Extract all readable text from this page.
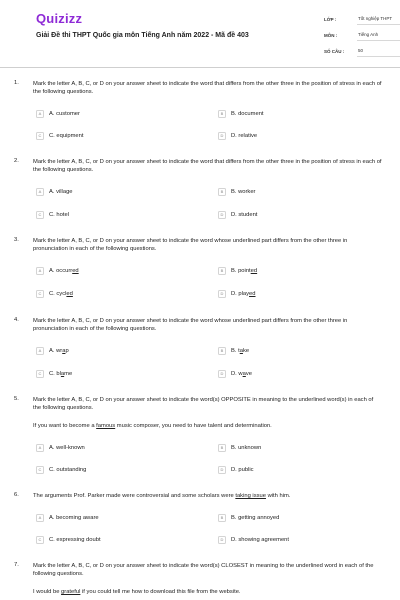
Quizizz
Giải Đề thi THPT Quốc gia môn Tiếng Anh năm 2022 - Mã đề 403
LỚP :	Tốt nghiệp THPT
MÔN :	Tiếng Anh
SỐ CÂU :	50
1. Mark the letter A, B, C, or D on your answer sheet to indicate the word that differs from the other three in the position of stress in each of the following questions.
A	A. customer	B	B. document
C	C. equipment	D	D. relative
2. Mark the letter A, B, C, or D on your answer sheet to indicate the word that differs from the other three in the position of stress in each of the following questions.
A	A. village	B	B. worker
C	C. hotel	D	D. student
3. Mark the letter A, B, C, or D on your answer sheet to indicate the word whose underlined part differs from the other three in pronunciation in each of the following questions.
A	A. occurred	B	B. pointed
C	C. cycled	D	D. played
4. Mark the letter A, B, C, or D on your answer sheet to indicate the word whose underlined part differs from the other three in pronunciation in each of the following questions.
A	A. wrap	B	B. take
C	C. blame	D	D. wave
5. Mark the letter A, B, C, or D on your answer sheet to indicate the word(s) OPPOSITE in meaning to the underlined word(s) in each of the following questions.
If you want to become a famous music composer, you need to have talent and determination.
A	A. well-known	B	B. unknown
C	C. outstanding	D	D. public
6. The arguments Prof. Parker made were controversial and some scholars were taking issue with him.
A	A. becoming aware	B	B. getting annoyed
C	C. expressing doubt	D	D. showing agreement
7. Mark the letter A, B, C, or D on your answer sheet to indicate the word(s) CLOSEST in meaning to the underlined word in each of the following questions.
I would be grateful if you could tell me how to download this file from the website.
